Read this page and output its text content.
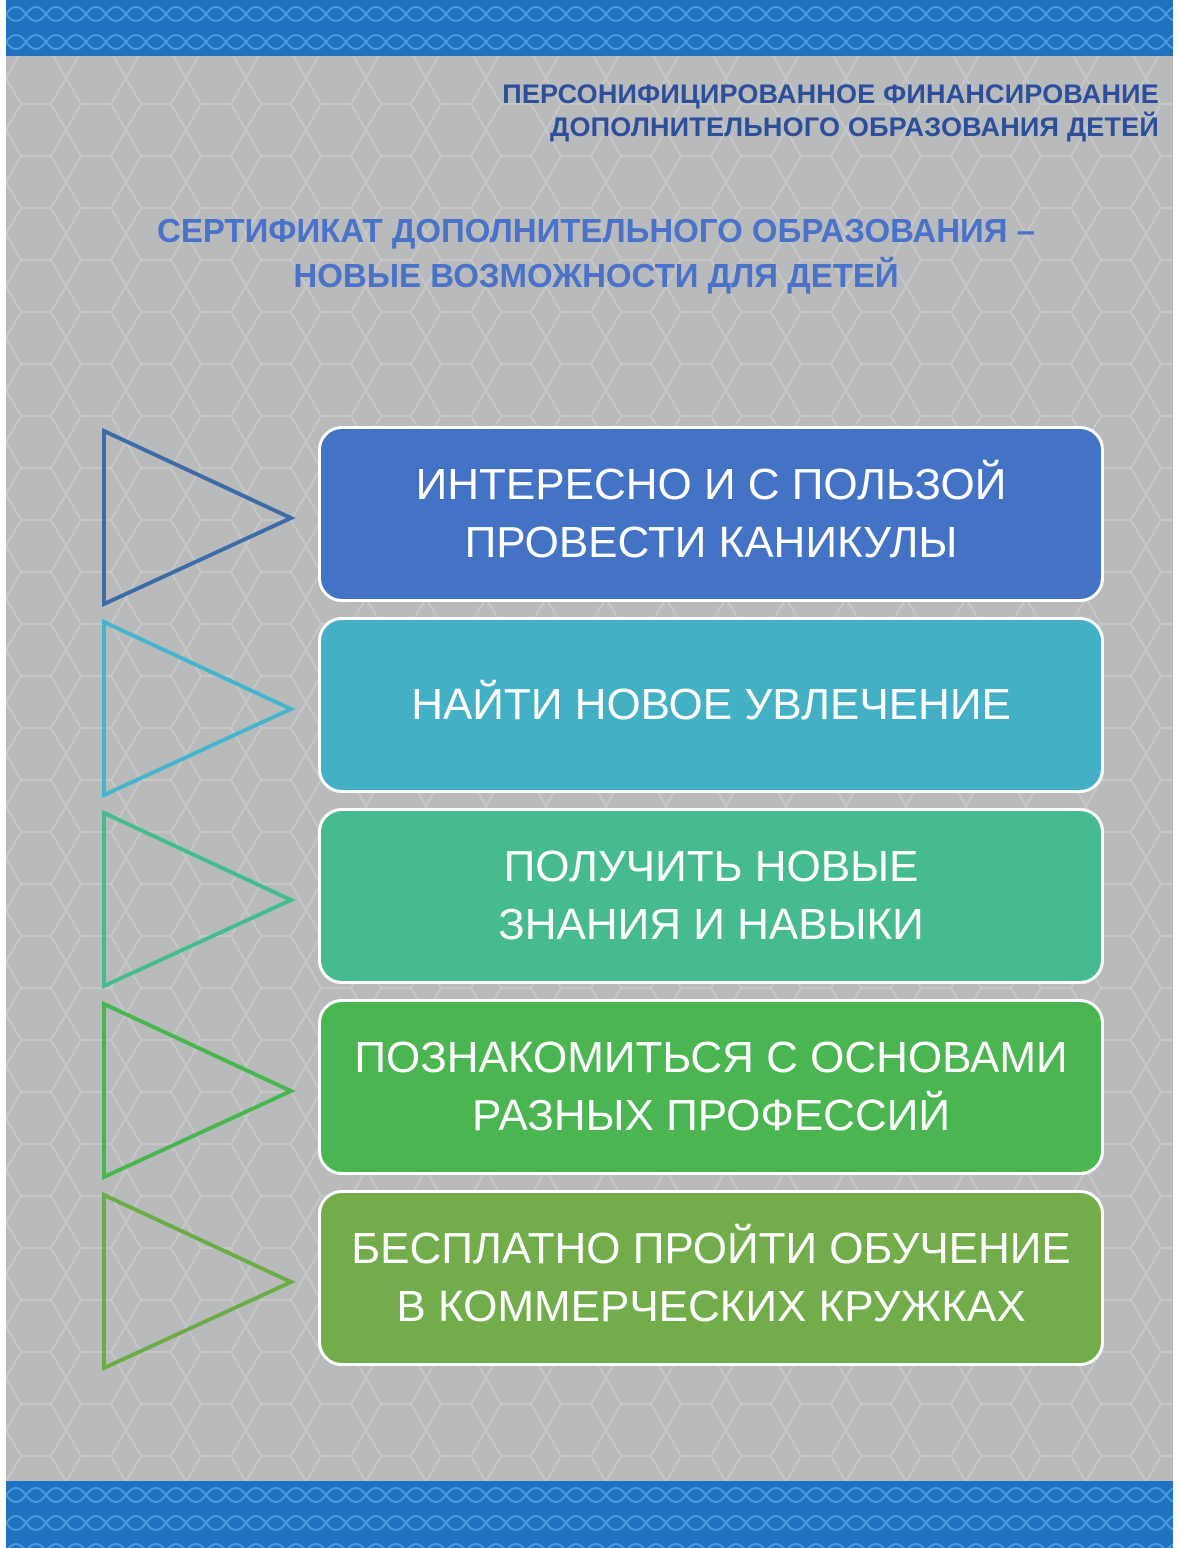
ПЕРСОНИФИЦИРОВАННОЕ ФИНАНСИРОВАНИЕ
ДОПОЛНИТЕЛЬНОГО ОБРАЗОВАНИЯ ДЕТЕЙ
СЕРТИФИКАТ ДОПОЛНИТЕЛЬНОГО ОБРАЗОВАНИЯ –
НОВЫЕ ВОЗМОЖНОСТИ ДЛЯ ДЕТЕЙ
ИНТЕРЕСНО И С ПОЛЬЗОЙ
ПРОВЕСТИ КАНИКУЛЫ
НАЙТИ НОВОЕ УВЛЕЧЕНИЕ
ПОЛУЧИТЬ НОВЫЕ
ЗНАНИЯ И НАВЫКИ
ПОЗНАКОМИТЬСЯ С ОСНОВАМИ
РАЗНЫХ ПРОФЕССИЙ
БЕСПЛАТНО ПРОЙТИ ОБУЧЕНИЕ
В КОММЕРЧЕСКИХ КРУЖКАХ
